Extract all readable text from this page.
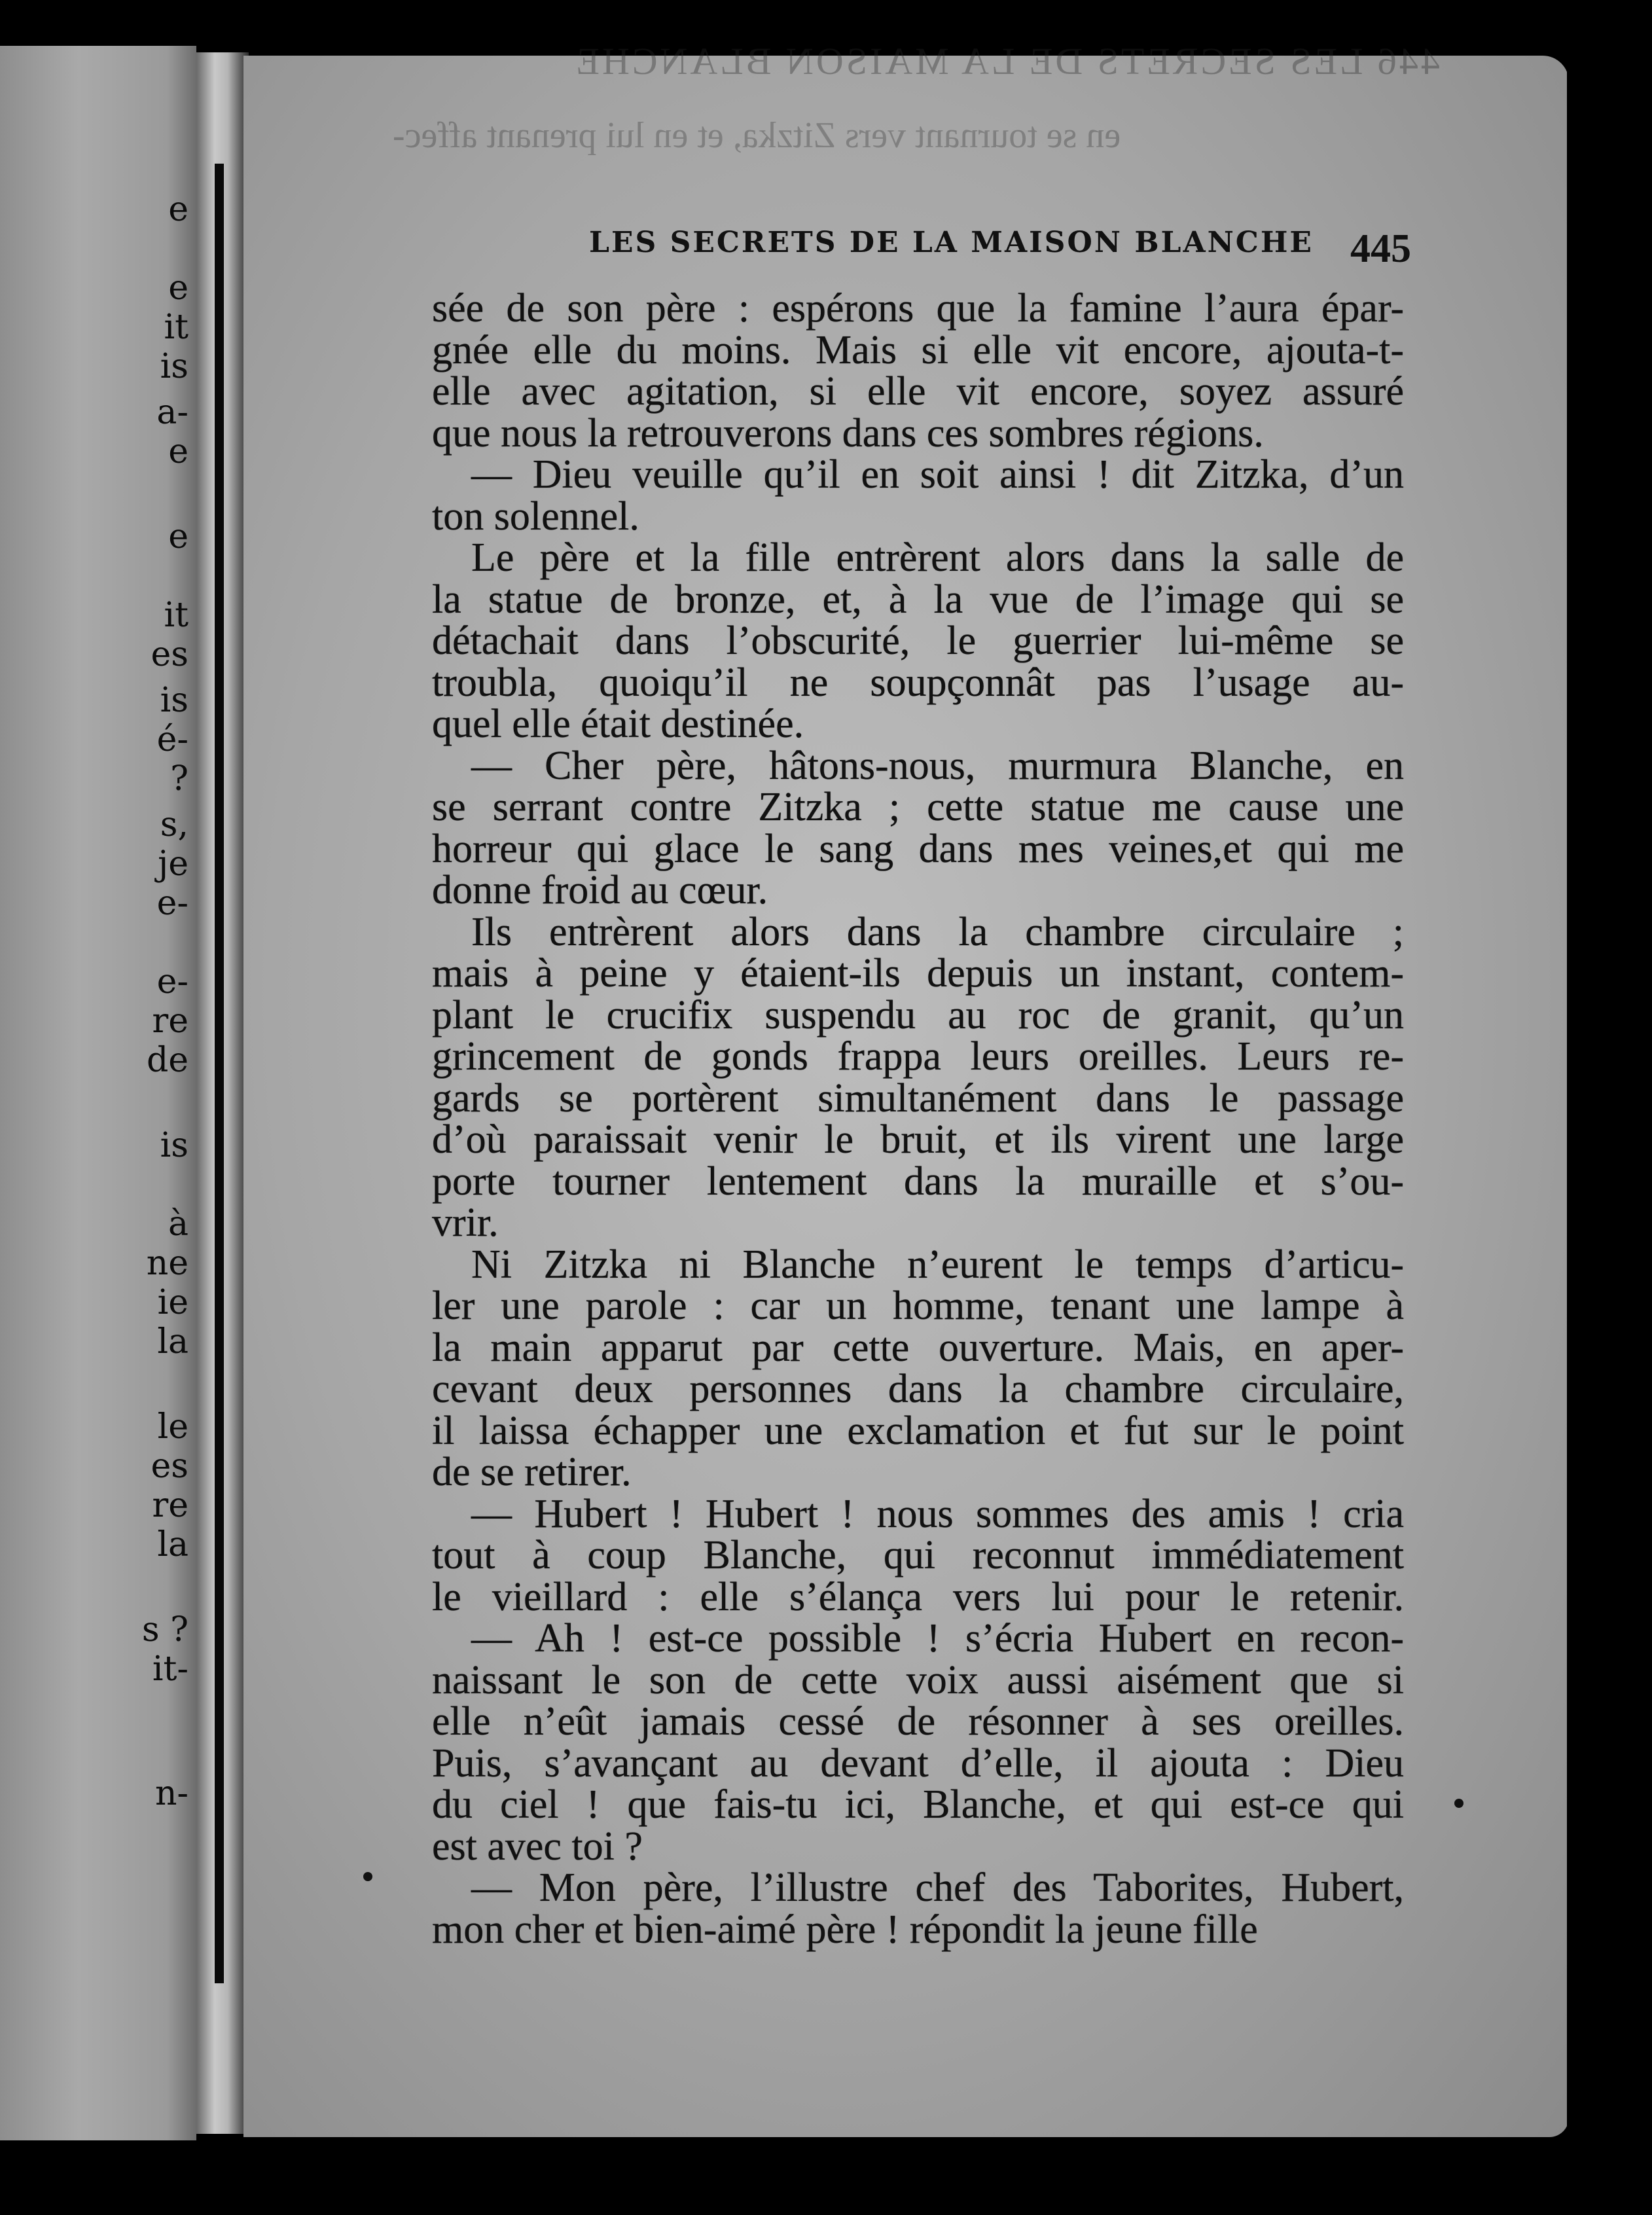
e
e
it
is
a-
e
e
it
es
is
é-
?
s,
je
e-
e-
re
de
is
à
ne
ie
la
le
es
re
la
s ?
it-
n-
446 LES SECRETS DE LA MAISON BLANCHE
en se tournant vers Zitzka, et en lui prenant affec-
LES SECRETS DE LA MAISON BLANCHE 445
sée de son père : espérons que la famine l’aura épar-
gnée elle du moins. Mais si elle vit encore, ajouta-t-
elle avec agitation, si elle vit encore, soyez assuré
que nous la retrouverons dans ces sombres régions.
— Dieu veuille qu’il en soit ainsi ! dit Zitzka, d’un
ton solennel.
Le père et la fille entrèrent alors dans la salle de
la statue de bronze, et, à la vue de l’image qui se
détachait dans l’obscurité, le guerrier lui-même se
troubla, quoiqu’il ne soupçonnât pas l’usage au-
quel elle était destinée.
— Cher père, hâtons-nous, murmura Blanche, en
se serrant contre Zitzka ; cette statue me cause une
horreur qui glace le sang dans mes veines,et qui me
donne froid au cœur.
Ils entrèrent alors dans la chambre circulaire ;
mais à peine y étaient-ils depuis un instant, contem-
plant le crucifix suspendu au roc de granit, qu’un
grincement de gonds frappa leurs oreilles. Leurs re-
gards se portèrent simultanément dans le passage
d’où paraissait venir le bruit, et ils virent une large
porte tourner lentement dans la muraille et s’ou-
vrir.
Ni Zitzka ni Blanche n’eurent le temps d’articu-
ler une parole : car un homme, tenant une lampe à
la main apparut par cette ouverture. Mais, en aper-
cevant deux personnes dans la chambre circulaire,
il laissa échapper une exclamation et fut sur le point
de se retirer.
— Hubert ! Hubert ! nous sommes des amis ! cria
tout à coup Blanche, qui reconnut immédiatement
le vieillard : elle s’élança vers lui pour le retenir.
— Ah ! est-ce possible ! s’écria Hubert en recon-
naissant le son de cette voix aussi aisément que si
elle n’eût jamais cessé de résonner à ses oreilles.
Puis, s’avançant au devant d’elle, il ajouta : Dieu
du ciel ! que fais-tu ici, Blanche, et qui est-ce qui
est avec toi ?
— Mon père, l’illustre chef des Taborites, Hubert,
mon cher et bien-aimé père ! répondit la jeune fille
